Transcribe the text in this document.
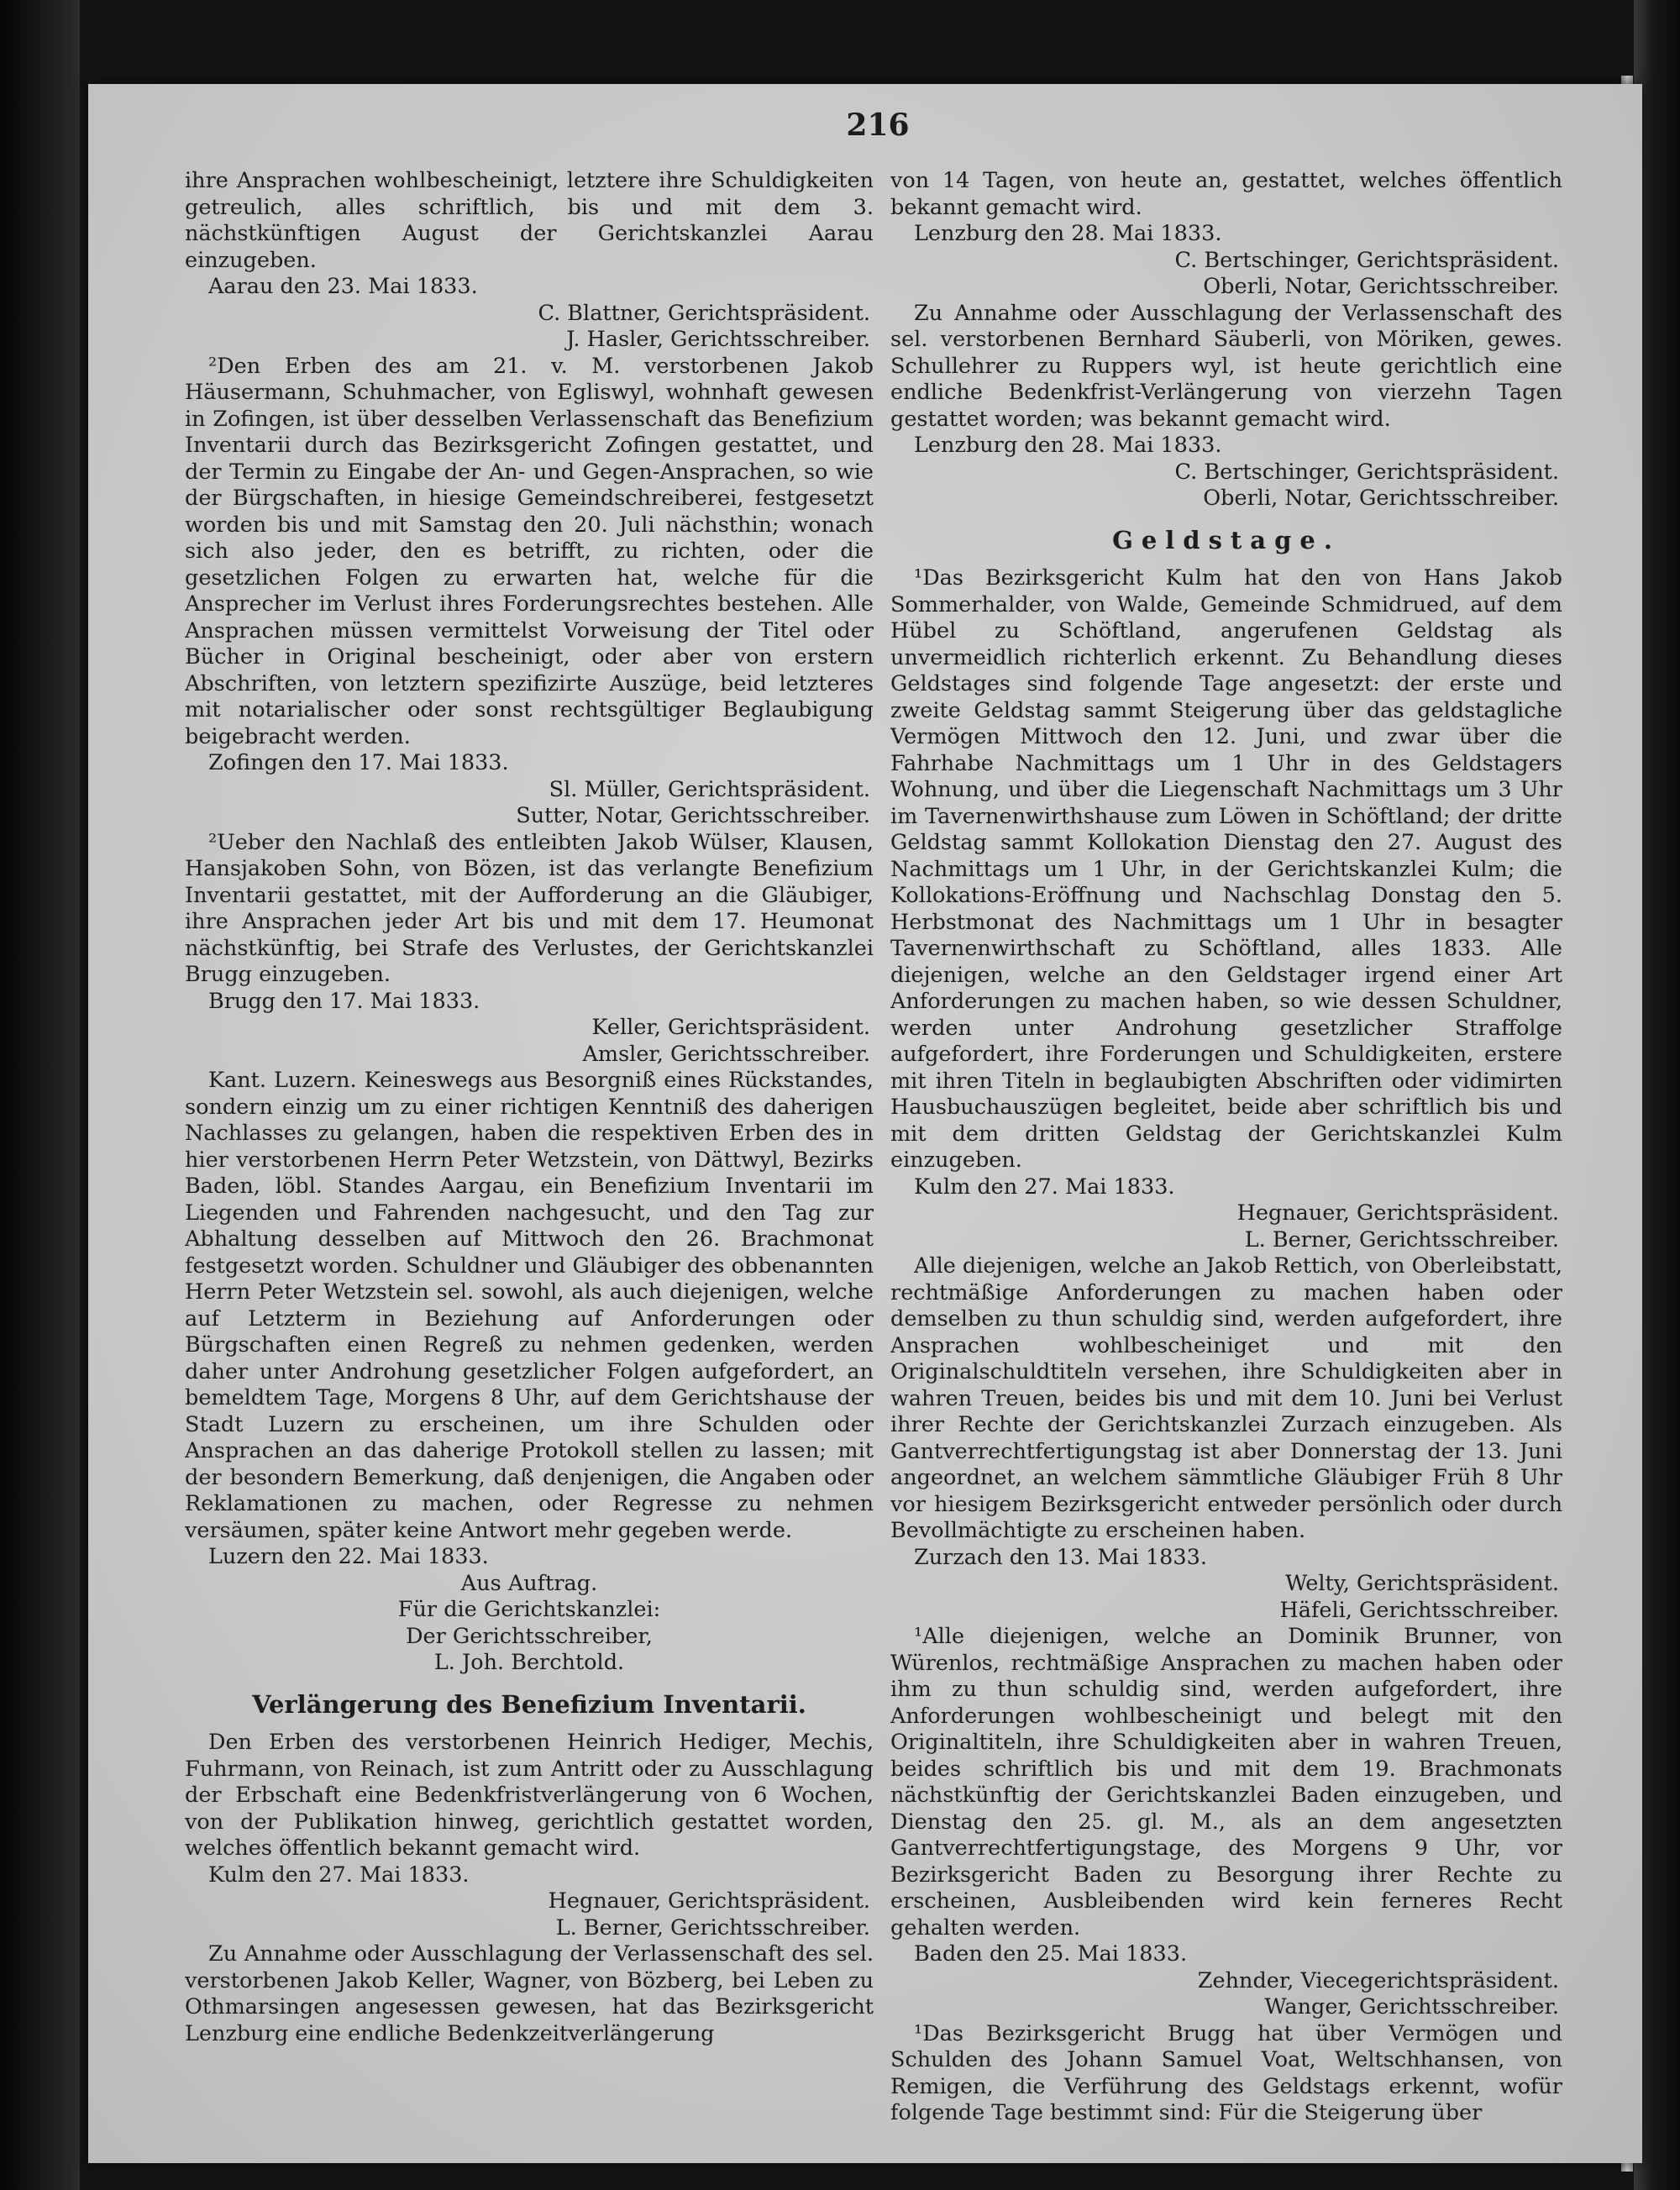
216

ihre Ansprachen wohlbescheinigt, letztere ihre Schuldigkeiten getreulich, alles schriftlich, bis und mit dem 3. nächstkünftigen August der Gerichtskanzlei Aarau einzugeben.

Aarau den 23. Mai 1833.

C. Blattner, Gerichtspräsident.

J. Hasler, Gerichtsschreiber.

²Den Erben des am 21. v. M. verstorbenen Jakob Häusermann, Schuhmacher, von Egliswyl, wohnhaft gewesen in Zofingen, ist über desselben Verlassenschaft das Benefizium Inventarii durch das Bezirksgericht Zofingen gestattet, und der Termin zu Eingabe der An- und Gegen-Ansprachen, so wie der Bürgschaften, in hiesige Gemeindschreiberei, festgesetzt worden bis und mit Samstag den 20. Juli nächsthin; wonach sich also jeder, den es betrifft, zu richten, oder die gesetzlichen Folgen zu erwarten hat, welche für die Ansprecher im Verlust ihres Forderungsrechtes bestehen. Alle Ansprachen müssen vermittelst Vorweisung der Titel oder Bücher in Original bescheinigt, oder aber von erstern Abschriften, von letztern spezifizirte Auszüge, beid letzteres mit notarialischer oder sonst rechtsgültiger Beglaubigung beigebracht werden.

Zofingen den 17. Mai 1833.

Sl. Müller, Gerichtspräsident.

Sutter, Notar, Gerichtsschreiber.

²Ueber den Nachlaß des entleibten Jakob Wülser, Klausen, Hansjakoben Sohn, von Bözen, ist das verlangte Benefizium Inventarii gestattet, mit der Aufforderung an die Gläubiger, ihre Ansprachen jeder Art bis und mit dem 17. Heumonat nächstkünftig, bei Strafe des Verlustes, der Gerichtskanzlei Brugg einzugeben.

Brugg den 17. Mai 1833.

Keller, Gerichtspräsident.

Amsler, Gerichtsschreiber.

Kant. Luzern. Keineswegs aus Besorgniß eines Rückstandes, sondern einzig um zu einer richtigen Kenntniß des daherigen Nachlasses zu gelangen, haben die respektiven Erben des in hier verstorbenen Herrn Peter Wetzstein, von Dättwyl, Bezirks Baden, löbl. Standes Aargau, ein Benefizium Inventarii im Liegenden und Fahrenden nachgesucht, und den Tag zur Abhaltung desselben auf Mittwoch den 26. Brachmonat festgesetzt worden. Schuldner und Gläubiger des obbenannten Herrn Peter Wetzstein sel. sowohl, als auch diejenigen, welche auf Letzterm in Beziehung auf Anforderungen oder Bürgschaften einen Regreß zu nehmen gedenken, werden daher unter Androhung gesetzlicher Folgen aufgefordert, an bemeldtem Tage, Morgens 8 Uhr, auf dem Gerichtshause der Stadt Luzern zu erscheinen, um ihre Schulden oder Ansprachen an das daherige Protokoll stellen zu lassen; mit der besondern Bemerkung, daß denjenigen, die Angaben oder Reklamationen zu machen, oder Regresse zu nehmen versäumen, später keine Antwort mehr gegeben werde.

Luzern den 22. Mai 1833.

Aus Auftrag.

Für die Gerichtskanzlei:

Der Gerichtsschreiber,

L. Joh. Berchtold.

Verlängerung des Benefizium Inventarii.

Den Erben des verstorbenen Heinrich Hediger, Mechis, Fuhrmann, von Reinach, ist zum Antritt oder zu Ausschlagung der Erbschaft eine Bedenkfristverlängerung von 6 Wochen, von der Publikation hinweg, gerichtlich gestattet worden, welches öffentlich bekannt gemacht wird.

Kulm den 27. Mai 1833.

Hegnauer, Gerichtspräsident.

L. Berner, Gerichtsschreiber.

Zu Annahme oder Ausschlagung der Verlassenschaft des sel. verstorbenen Jakob Keller, Wagner, von Bözberg, bei Leben zu Othmarsingen angesessen gewesen, hat das Bezirksgericht Lenzburg eine endliche Bedenkzeitverlängerung

von 14 Tagen, von heute an, gestattet, welches öffentlich bekannt gemacht wird.

Lenzburg den 28. Mai 1833.

C. Bertschinger, Gerichtspräsident.

Oberli, Notar, Gerichtsschreiber.

Zu Annahme oder Ausschlagung der Verlassenschaft des sel. verstorbenen Bernhard Säuberli, von Möriken, gewes. Schullehrer zu Ruppers wyl, ist heute gerichtlich eine endliche Bedenkfrist-Verlängerung von vierzehn Tagen gestattet worden; was bekannt gemacht wird.

Lenzburg den 28. Mai 1833.

C. Bertschinger, Gerichtspräsident.

Oberli, Notar, Gerichtsschreiber.

Geldstage.

¹Das Bezirksgericht Kulm hat den von Hans Jakob Sommerhalder, von Walde, Gemeinde Schmidrued, auf dem Hübel zu Schöftland, angerufenen Geldstag als unvermeidlich richterlich erkennt. Zu Behandlung dieses Geldstages sind folgende Tage angesetzt: der erste und zweite Geldstag sammt Steigerung über das geldstagliche Vermögen Mittwoch den 12. Juni, und zwar über die Fahrhabe Nachmittags um 1 Uhr in des Geldstagers Wohnung, und über die Liegenschaft Nachmittags um 3 Uhr im Tavernenwirthshause zum Löwen in Schöftland; der dritte Geldstag sammt Kollokation Dienstag den 27. August des Nachmittags um 1 Uhr, in der Gerichtskanzlei Kulm; die Kollokations-Eröffnung und Nachschlag Donstag den 5. Herbstmonat des Nachmittags um 1 Uhr in besagter Tavernenwirthschaft zu Schöftland, alles 1833. Alle diejenigen, welche an den Geldstager irgend einer Art Anforderungen zu machen haben, so wie dessen Schuldner, werden unter Androhung gesetzlicher Straffolge aufgefordert, ihre Forderungen und Schuldigkeiten, erstere mit ihren Titeln in beglaubigten Abschriften oder vidimirten Hausbuchauszügen begleitet, beide aber schriftlich bis und mit dem dritten Geldstag der Gerichtskanzlei Kulm einzugeben.

Kulm den 27. Mai 1833.

Hegnauer, Gerichtspräsident.

L. Berner, Gerichtsschreiber.

Alle diejenigen, welche an Jakob Rettich, von Oberleibstatt, rechtmäßige Anforderungen zu machen haben oder demselben zu thun schuldig sind, werden aufgefordert, ihre Ansprachen wohlbescheiniget und mit den Originalschuldtiteln versehen, ihre Schuldigkeiten aber in wahren Treuen, beides bis und mit dem 10. Juni bei Verlust ihrer Rechte der Gerichtskanzlei Zurzach einzugeben. Als Gantverrechtfertigungstag ist aber Donnerstag der 13. Juni angeordnet, an welchem sämmtliche Gläubiger Früh 8 Uhr vor hiesigem Bezirksgericht entweder persönlich oder durch Bevollmächtigte zu erscheinen haben.

Zurzach den 13. Mai 1833.

Welty, Gerichtspräsident.

Häfeli, Gerichtsschreiber.

¹Alle diejenigen, welche an Dominik Brunner, von Würenlos, rechtmäßige Ansprachen zu machen haben oder ihm zu thun schuldig sind, werden aufgefordert, ihre Anforderungen wohlbescheinigt und belegt mit den Originaltiteln, ihre Schuldigkeiten aber in wahren Treuen, beides schriftlich bis und mit dem 19. Brachmonats nächstkünftig der Gerichtskanzlei Baden einzugeben, und Dienstag den 25. gl. M., als an dem angesetzten Gantverrechtfertigungstage, des Morgens 9 Uhr, vor Bezirksgericht Baden zu Besorgung ihrer Rechte zu erscheinen, Ausbleibenden wird kein ferneres Recht gehalten werden.

Baden den 25. Mai 1833.

Zehnder, Viecegerichtspräsident.

Wanger, Gerichtsschreiber.

¹Das Bezirksgericht Brugg hat über Vermögen und Schulden des Johann Samuel Voat, Weltschhansen, von Remigen, die Verführung des Geldstags erkennt, wofür folgende Tage bestimmt sind: Für die Steigerung über
